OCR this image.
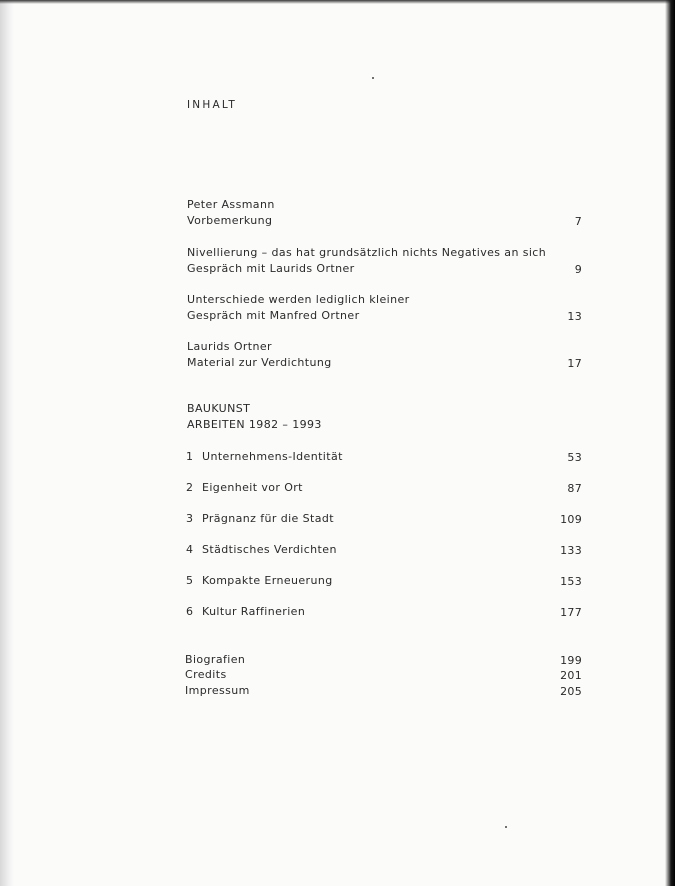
INHALT
Peter Assmann
Vorbemerkung	7
Nivellierung – das hat grundsätzlich nichts Negatives an sich
Gespräch mit Laurids Ortner	9
Unterschiede werden lediglich kleiner
Gespräch mit Manfred Ortner	13
Laurids Ortner
Material zur Verdichtung	17
BAUKUNST
ARBEITEN 1982 – 1993
1 Unternehmens-Identität	53
2 Eigenheit vor Ort	87
3 Prägnanz für die Stadt	109
4 Städtisches Verdichten	133
5 Kompakte Erneuerung	153
6 Kultur Raffinerien	177
Biografien	199
Credits	201
Impressum	205
